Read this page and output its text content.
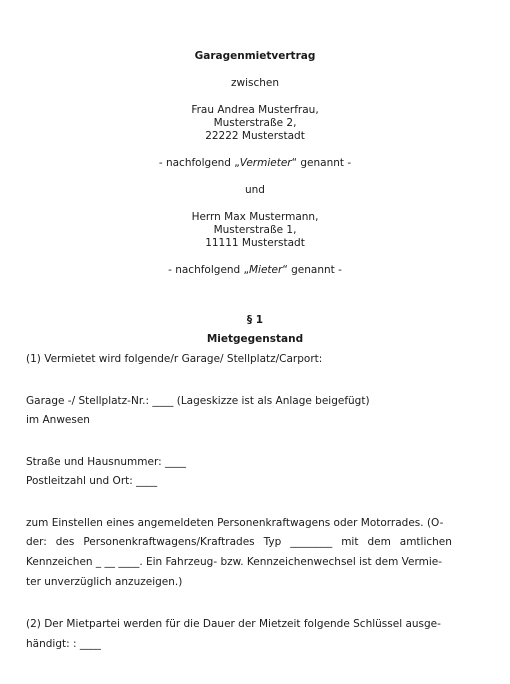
Garagenmietvertrag
zwischen
Frau Andrea Musterfrau,
Musterstraße 2,
22222 Musterstadt
- nachfolgend „Vermieter“ genannt -
und
Herrn Max Mustermann,
Musterstraße 1,
11111 Musterstadt
- nachfolgend „Mieter“ genannt -
§ 1
Mietgegenstand
(1) Vermietet wird folgende/r Garage/ Stellplatz/Carport:
Garage -/ Stellplatz-Nr.: ____ (Lageskizze ist als Anlage beigefügt)
im Anwesen
Straße und Hausnummer: ____
Postleitzahl und Ort: ____
zum Einstellen eines angemeldeten Personenkraftwagens oder Motorrades. (O-
der: des Personenkraftwagens/Kraftrades Typ ________ mit dem amtlichen
Kennzeichen _ __ ____. Ein Fahrzeug- bzw. Kennzeichenwechsel ist dem Vermie-
ter unverzüglich anzuzeigen.)
(2) Der Mietpartei werden für die Dauer der Mietzeit folgende Schlüssel ausge-
händigt: : ____
